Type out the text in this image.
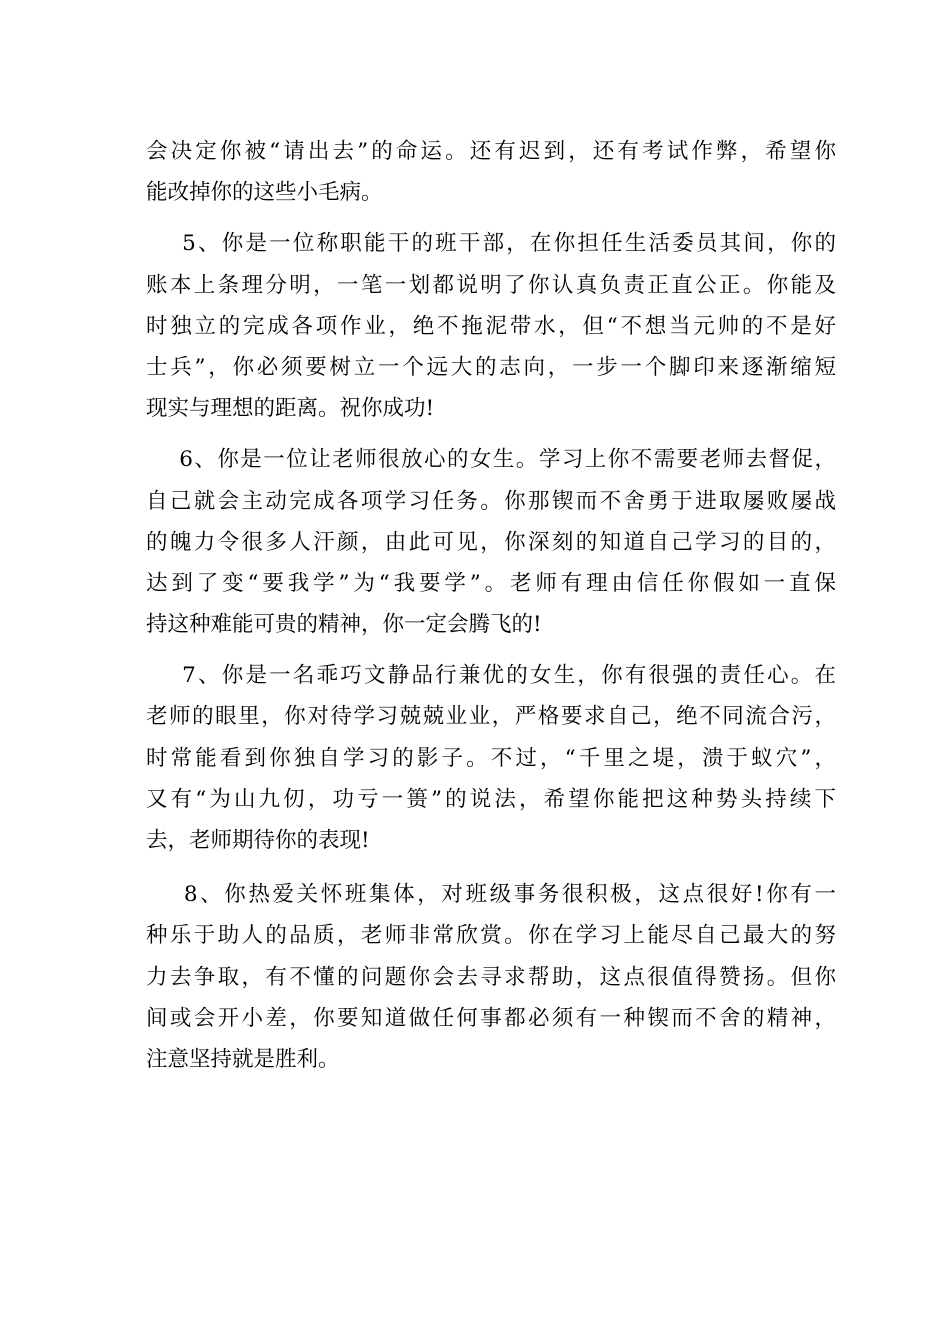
会决定你被“请出去”的命运。还有迟到，还有考试作弊，希望你
能改掉你的这些小毛病。
5、你是一位称职能干的班干部，在你担任生活委员其间，你的
账本上条理分明，一笔一划都说明了你认真负责正直公正。你能及
时独立的完成各项作业，绝不拖泥带水，但“不想当元帅的不是好
士兵”，你必须要树立一个远大的志向，一步一个脚印来逐渐缩短
现实与理想的距离。祝你成功!
6、你是一位让老师很放心的女生。学习上你不需要老师去督促，
自己就会主动完成各项学习任务。你那锲而不舍勇于进取屡败屡战
的魄力令很多人汗颜，由此可见，你深刻的知道自己学习的目的，
达到了变“要我学”为“我要学”。老师有理由信任你假如一直保
持这种难能可贵的精神，你一定会腾飞的!
7、你是一名乖巧文静品行兼优的女生，你有很强的责任心。在
老师的眼里，你对待学习兢兢业业，严格要求自己，绝不同流合污，
时常能看到你独自学习的影子。不过，“千里之堤，溃于蚁穴”，
又有“为山九仞，功亏一篑”的说法，希望你能把这种势头持续下
去，老师期待你的表现!
8、你热爱关怀班集体，对班级事务很积极，这点很好!你有一
种乐于助人的品质，老师非常欣赏。你在学习上能尽自己最大的努
力去争取，有不懂的问题你会去寻求帮助，这点很值得赞扬。但你
间或会开小差，你要知道做任何事都必须有一种锲而不舍的精神，
注意坚持就是胜利。
